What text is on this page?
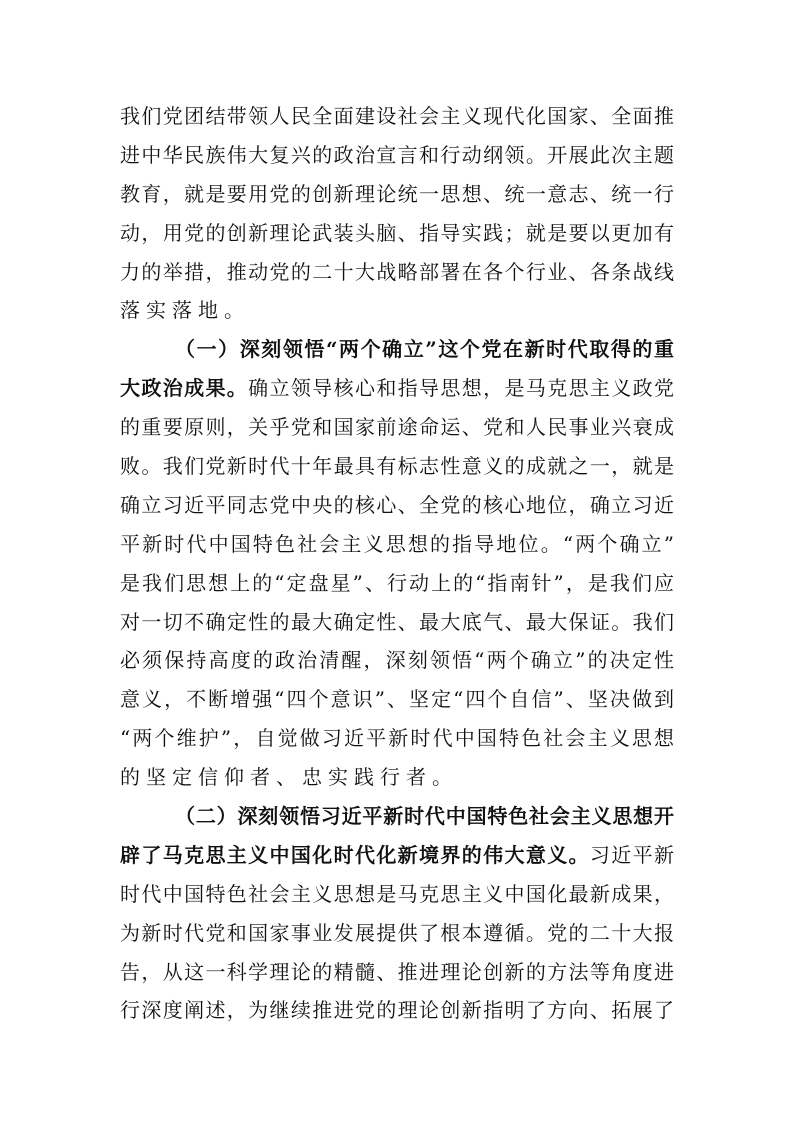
我们党团结带领人民全面建设社会主义现代化国家、全面推
进中华民族伟大复兴的政治宣言和行动纲领。开展此次主题
教育，就是要用党的创新理论统一思想、统一意志、统一行
动，用党的创新理论武装头脑、指导实践；就是要以更加有
力的举措，推动党的二十大战略部署在各个行业、各条战线
落实落地。
（一）深刻领悟“两个确立”这个党在新时代取得的重
大政治成果。确立领导核心和指导思想，是马克思主义政党
的重要原则，关乎党和国家前途命运、党和人民事业兴衰成
败。我们党新时代十年最具有标志性意义的成就之一，就是
确立习近平同志党中央的核心、全党的核心地位，确立习近
平新时代中国特色社会主义思想的指导地位。“两个确立”
是我们思想上的“定盘星”、行动上的“指南针”，是我们应
对一切不确定性的最大确定性、最大底气、最大保证。我们
必须保持高度的政治清醒，深刻领悟“两个确立”的决定性
意义，不断增强“四个意识”、坚定“四个自信”、坚决做到
“两个维护”，自觉做习近平新时代中国特色社会主义思想
的坚定信仰者、忠实践行者。
（二）深刻领悟习近平新时代中国特色社会主义思想开
辟了马克思主义中国化时代化新境界的伟大意义。习近平新
时代中国特色社会主义思想是马克思主义中国化最新成果，
为新时代党和国家事业发展提供了根本遵循。党的二十大报
告，从这一科学理论的精髓、推进理论创新的方法等角度进
行深度阐述，为继续推进党的理论创新指明了方向、拓展了
